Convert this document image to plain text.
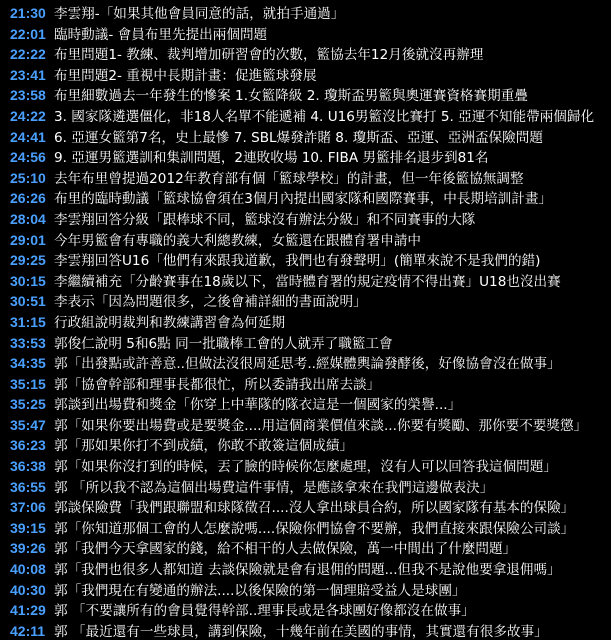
21:30 李雲翔-「如果其他會員同意的話，就拍手通過」
22:01 臨時動議- 會員布里先提出兩個問題
22:22 布里問題1- 教練、裁判增加研習會的次數，籃協去年12月後就沒再辦理
23:41 布里問題2- 重視中長期計畫：促進籃球發展
23:58 布里細數過去一年發生的慘案 1.女籃降級 2. 瓊斯盃男籃與奧運賽資格賽期重疊
24:22 3. 國家隊遴選僵化，非18人名單不能遞補 4. U16男籃沒比賽打 5. 亞運不知能帶兩個歸化
24:41 6. 亞運女籃第7名，史上最慘 7. SBL爆發詐賭 8. 瓊斯盃、亞運、亞洲盃保險問題
24:56 9. 亞運男籃選訓和集訓問題，2連敗收場 10. FIBA 男籃排名退步到81名
25:10 去年布里曾提過2012年教育部有個「籃球學校」的計畫，但一年後籃協無調整
26:26 布里的臨時動議「籃球協會須在3個月內提出國家隊和國際賽事，中長期培訓計畫」
28:04 李雲翔回答分級「跟棒球不同，籃球沒有辦法分級」和不同賽事的大隊
29:01 今年男籃會有專職的義大利總教練，女籃還在跟體育署申請中
29:25 李雲翔回答U16「他們有來跟我道歉，我們也有發聲明」(簡單來說不是我們的錯)
30:15 李繼續補充「分齡賽事在18歲以下，當時體育署的規定疫情不得出賽」U18也沒出賽
30:51 李表示「因為問題很多，之後會補詳細的書面說明」
31:15 行政組說明裁判和教練講習會為何延期
33:53 郭俊仁說明 5和6點 同一批職棒工會的人就弄了職籃工會
34:35 郭「出發點或許善意..但做法沒很周延思考..經媒體輿論發酵後，好像協會沒在做事」
35:15 郭「協會幹部和理事長都很忙，所以委請我出席去談」
35:25 郭談到出場費和獎金「你穿上中華隊的隊衣這是一個國家的榮譽...」
35:47 郭「如果你要出場費或是要獎金....用這個商業價值來談...你要有獎勵、那你要不要獎懲」
36:23 郭「那如果你打不到成績，你敢不敢簽這個成績」
36:38 郭「如果你沒打到的時候，丟了臉的時候你怎麼處理，沒有人可以回答我這個問題」
36:55 郭 「所以我不認為這個出場費這件事情，是應該拿來在我們這邊做表決」
37:06 郭談保險費「我們跟聯盟和球隊徵召....沒人拿出球員合約，所以國家隊有基本的保險」
39:15 郭「你知道那個工會的人怎麼說嗎....保險你們協會不要辦，我們直接來跟保險公司談」
39:26 郭「我們今天拿國家的錢，給不相干的人去做保險，萬一中間出了什麼問題」
40:08 郭「我們也很多人都知道 去談保險就是會有退佣的問題...但我不是說他要拿退佣嗎」
40:30 郭「我們現在有變通的辦法....以後保險的第一個理賠受益人是球團」
41:29 郭 「不要讓所有的會員覺得幹部..理事長或是各球團好像都沒在做事」
42:11 郭 「最近還有一些球員，講到保險，十幾年前在美國的事情，其實還有很多故事」
